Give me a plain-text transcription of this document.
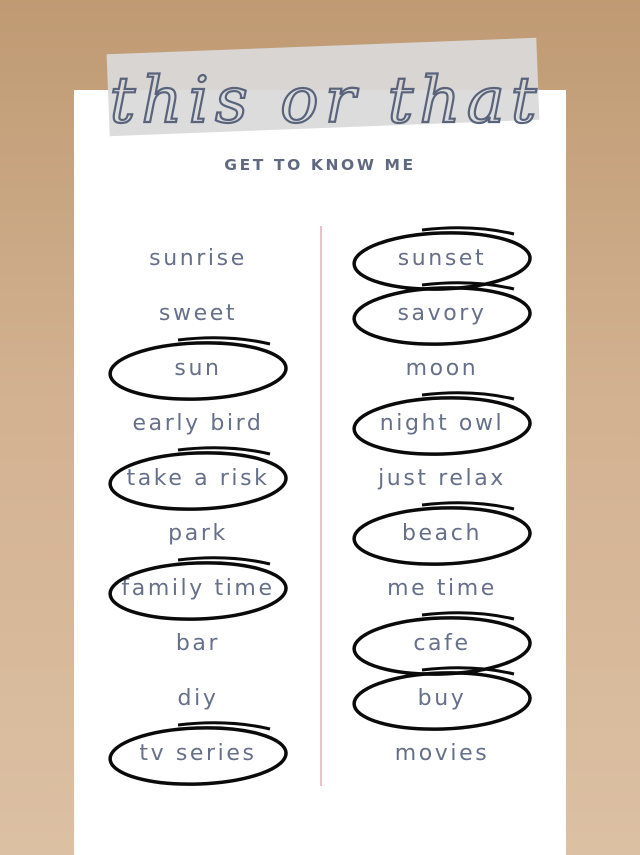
this or that
GET TO KNOW ME
sunrise
sweet
sun
early bird
take a risk
park
family time
bar
diy
tv series
sunset
savory
moon
night owl
just relax
beach
me time
cafe
buy
movies
